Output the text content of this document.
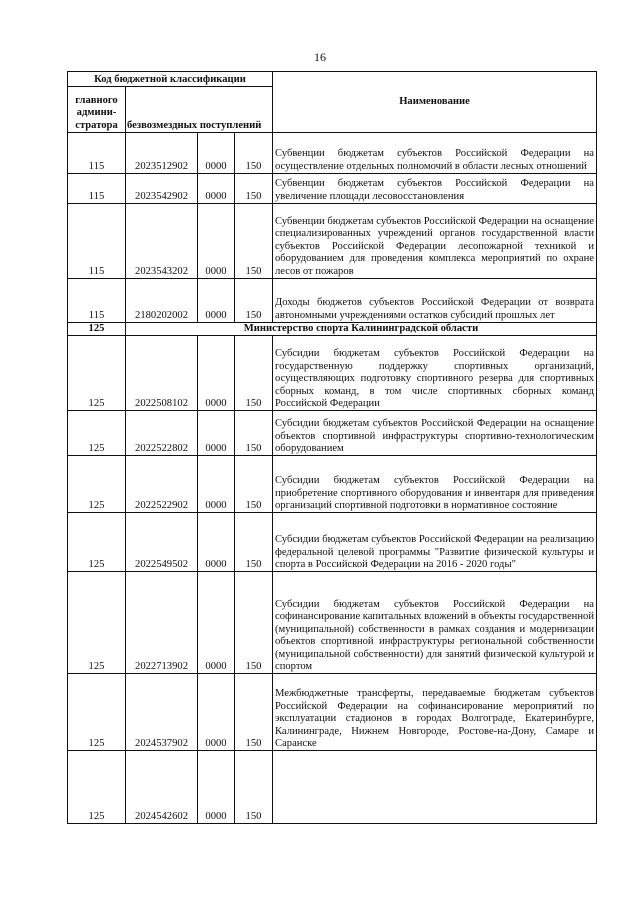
16
Код бюджетной классификации				Наименование
главного админи-стратора	безвозмездных поступлений			
115	2023512902	0000	150	Субвенции бюджетам субъектов Российской Федерации на осуществление отдельных полномочий в области лесных отношений
115	2023542902	0000	150	Субвенции бюджетам субъектов Российской Федерации на увеличение площади лесовосстановления
115	2023543202	0000	150	Субвенции бюджетам субъектов Российской Федерации на оснащение специализированных учреждений органов государственной власти субъектов Российской Федерации лесопожарной техникой и оборудованием для проведения комплекса мероприятий по охране лесов от пожаров
115	2180202002	0000	150	Доходы бюджетов субъектов Российской Федерации от возврата автономными учреждениями остатков субсидий прошлых лет
125	Министерство спорта Калининградской области			
125	2022508102	0000	150	Субсидии бюджетам субъектов Российской Федерации на государственную поддержку спортивных организаций, осуществляющих подготовку спортивного резерва для спортивных сборных команд, в том числе спортивных сборных команд Российской Федерации
125	2022522802	0000	150	Субсидии бюджетам субъектов Российской Федерации на оснащение объектов спортивной инфраструктуры спортивно-технологическим оборудованием
125	2022522902	0000	150	Субсидии бюджетам субъектов Российской Федерации на приобретение спортивного оборудования и инвентаря для приведения организаций спортивной подготовки в нормативное состояние
125	2022549502	0000	150	Субсидии бюджетам субъектов Российской Федерации на реализацию федеральной целевой программы "Развитие физической культуры и спорта в Российской Федерации на 2016 - 2020 годы"
125	2022713902	0000	150	Субсидии бюджетам субъектов Российской Федерации на софинансирование капитальных вложений в объекты государственной (муниципальной) собственности в рамках создания и модернизации объектов спортивной инфраструктуры региональной собственности (муниципальной собственности) для занятий физической культурой и спортом
125	2024537902	0000	150	Межбюджетные трансферты, передаваемые бюджетам субъектов Российской Федерации на софинансирование мероприятий по эксплуатации стадионов в городах Волгограде, Екатеринбурге, Калининграде, Нижнем Новгороде, Ростове-на-Дону, Самаре и Саранске
125	2024542602	0000	150	
